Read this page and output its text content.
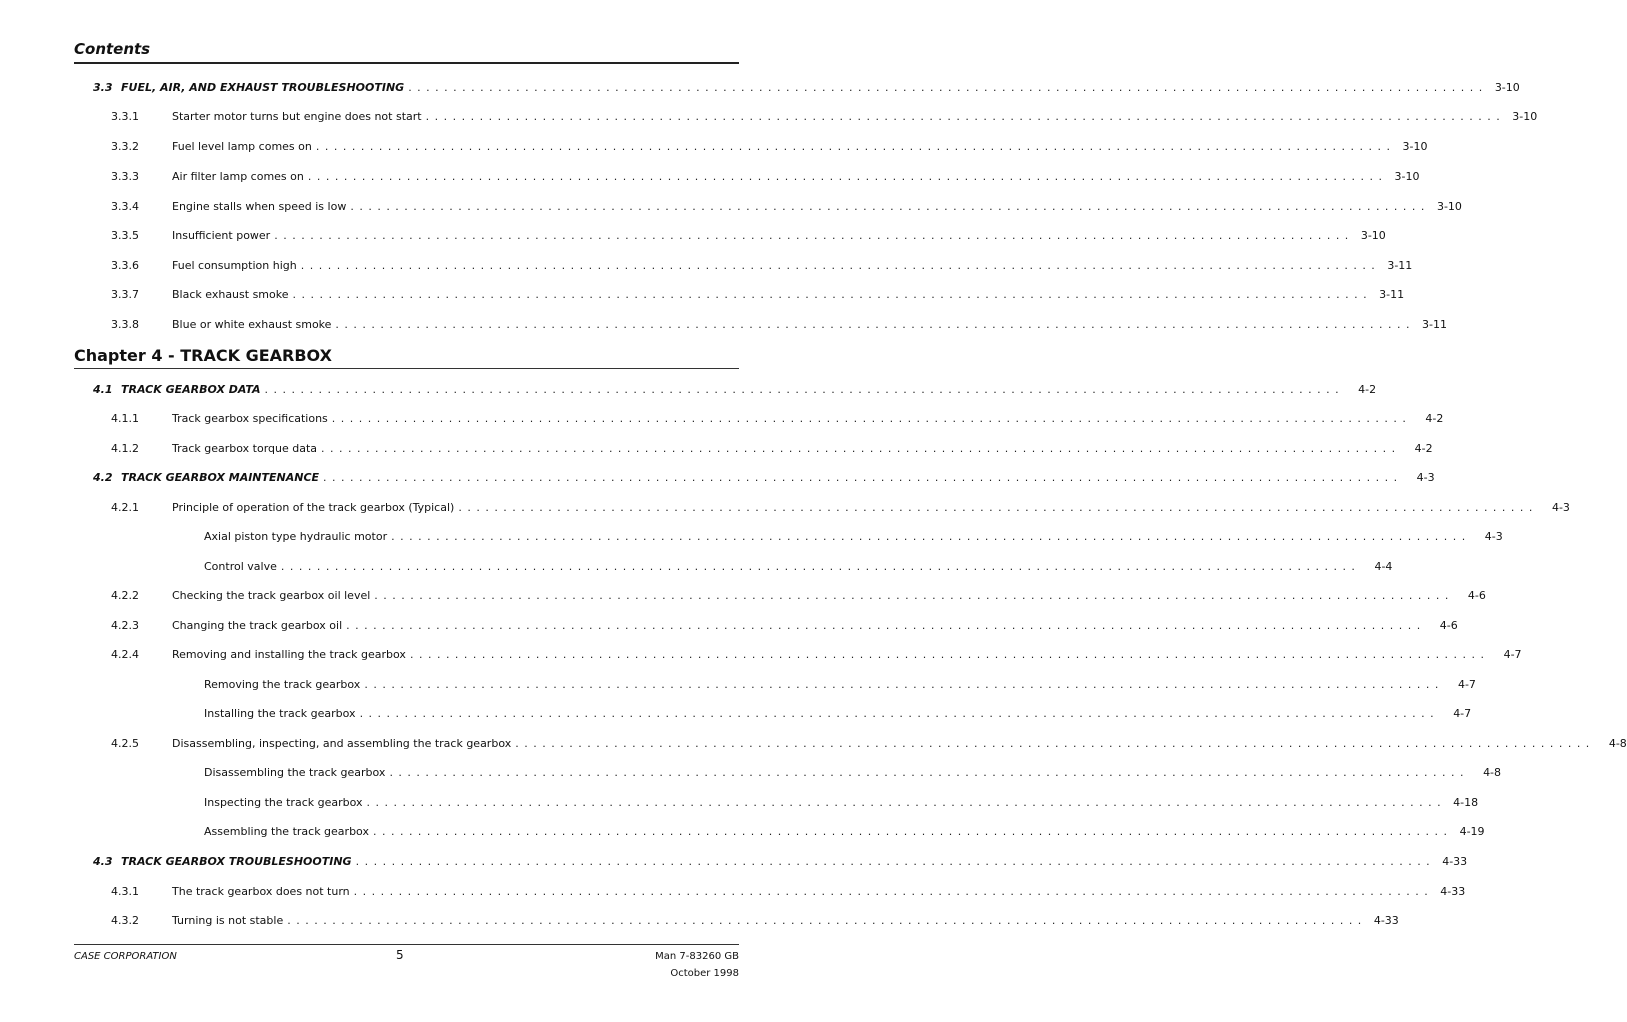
Contents
3.3 FUEL, AIR, AND EXHAUST TROUBLESHOOTING ........................................................................................................................ 3-10
3.3.1	Starter motor turns but engine does not start ........................................................................................................................ 3-10
3.3.2	Fuel level lamp comes on ........................................................................................................................ 3-10
3.3.3	Air filter lamp comes on ........................................................................................................................ 3-10
3.3.4	Engine stalls when speed is low ........................................................................................................................ 3-10
3.3.5	Insufficient power ........................................................................................................................ 3-10
3.3.6	Fuel consumption high ........................................................................................................................ 3-11
3.3.7	Black exhaust smoke ........................................................................................................................ 3-11
3.3.8	Blue or white exhaust smoke ........................................................................................................................ 3-11
4.1 TRACK GEARBOX DATA ........................................................................................................................	4-2
4.1.1	Track gearbox specifications ........................................................................................................................	4-2
4.1.2	Track gearbox torque data ........................................................................................................................	4-2
4.2 TRACK GEARBOX MAINTENANCE ........................................................................................................................	4-3
4.2.1	Principle of operation of the track gearbox (Typical) ........................................................................................................................	4-3
Axial piston type hydraulic motor ........................................................................................................................	4-3
Control valve ........................................................................................................................	4-4
4.2.2	Checking the track gearbox oil level ........................................................................................................................	4-6
4.2.3	Changing the track gearbox oil ........................................................................................................................	4-6
4.2.4	Removing and installing the track gearbox ........................................................................................................................	4-7
Removing the track gearbox ........................................................................................................................	4-7
Installing the track gearbox ........................................................................................................................	4-7
4.2.5	Disassembling, inspecting, and assembling the track gearbox ........................................................................................................................	4-8
Disassembling the track gearbox ........................................................................................................................	4-8
Inspecting the track gearbox ........................................................................................................................ 4-18
Assembling the track gearbox ........................................................................................................................ 4-19
4.3 TRACK GEARBOX TROUBLESHOOTING ........................................................................................................................ 4-33
4.3.1	The track gearbox does not turn ........................................................................................................................ 4-33
4.3.2	Turning is not stable ........................................................................................................................ 4-33
Chapter 4 - TRACK GEARBOX
CASE CORPORATION	5	Man 7-83260 GB
October 1998
